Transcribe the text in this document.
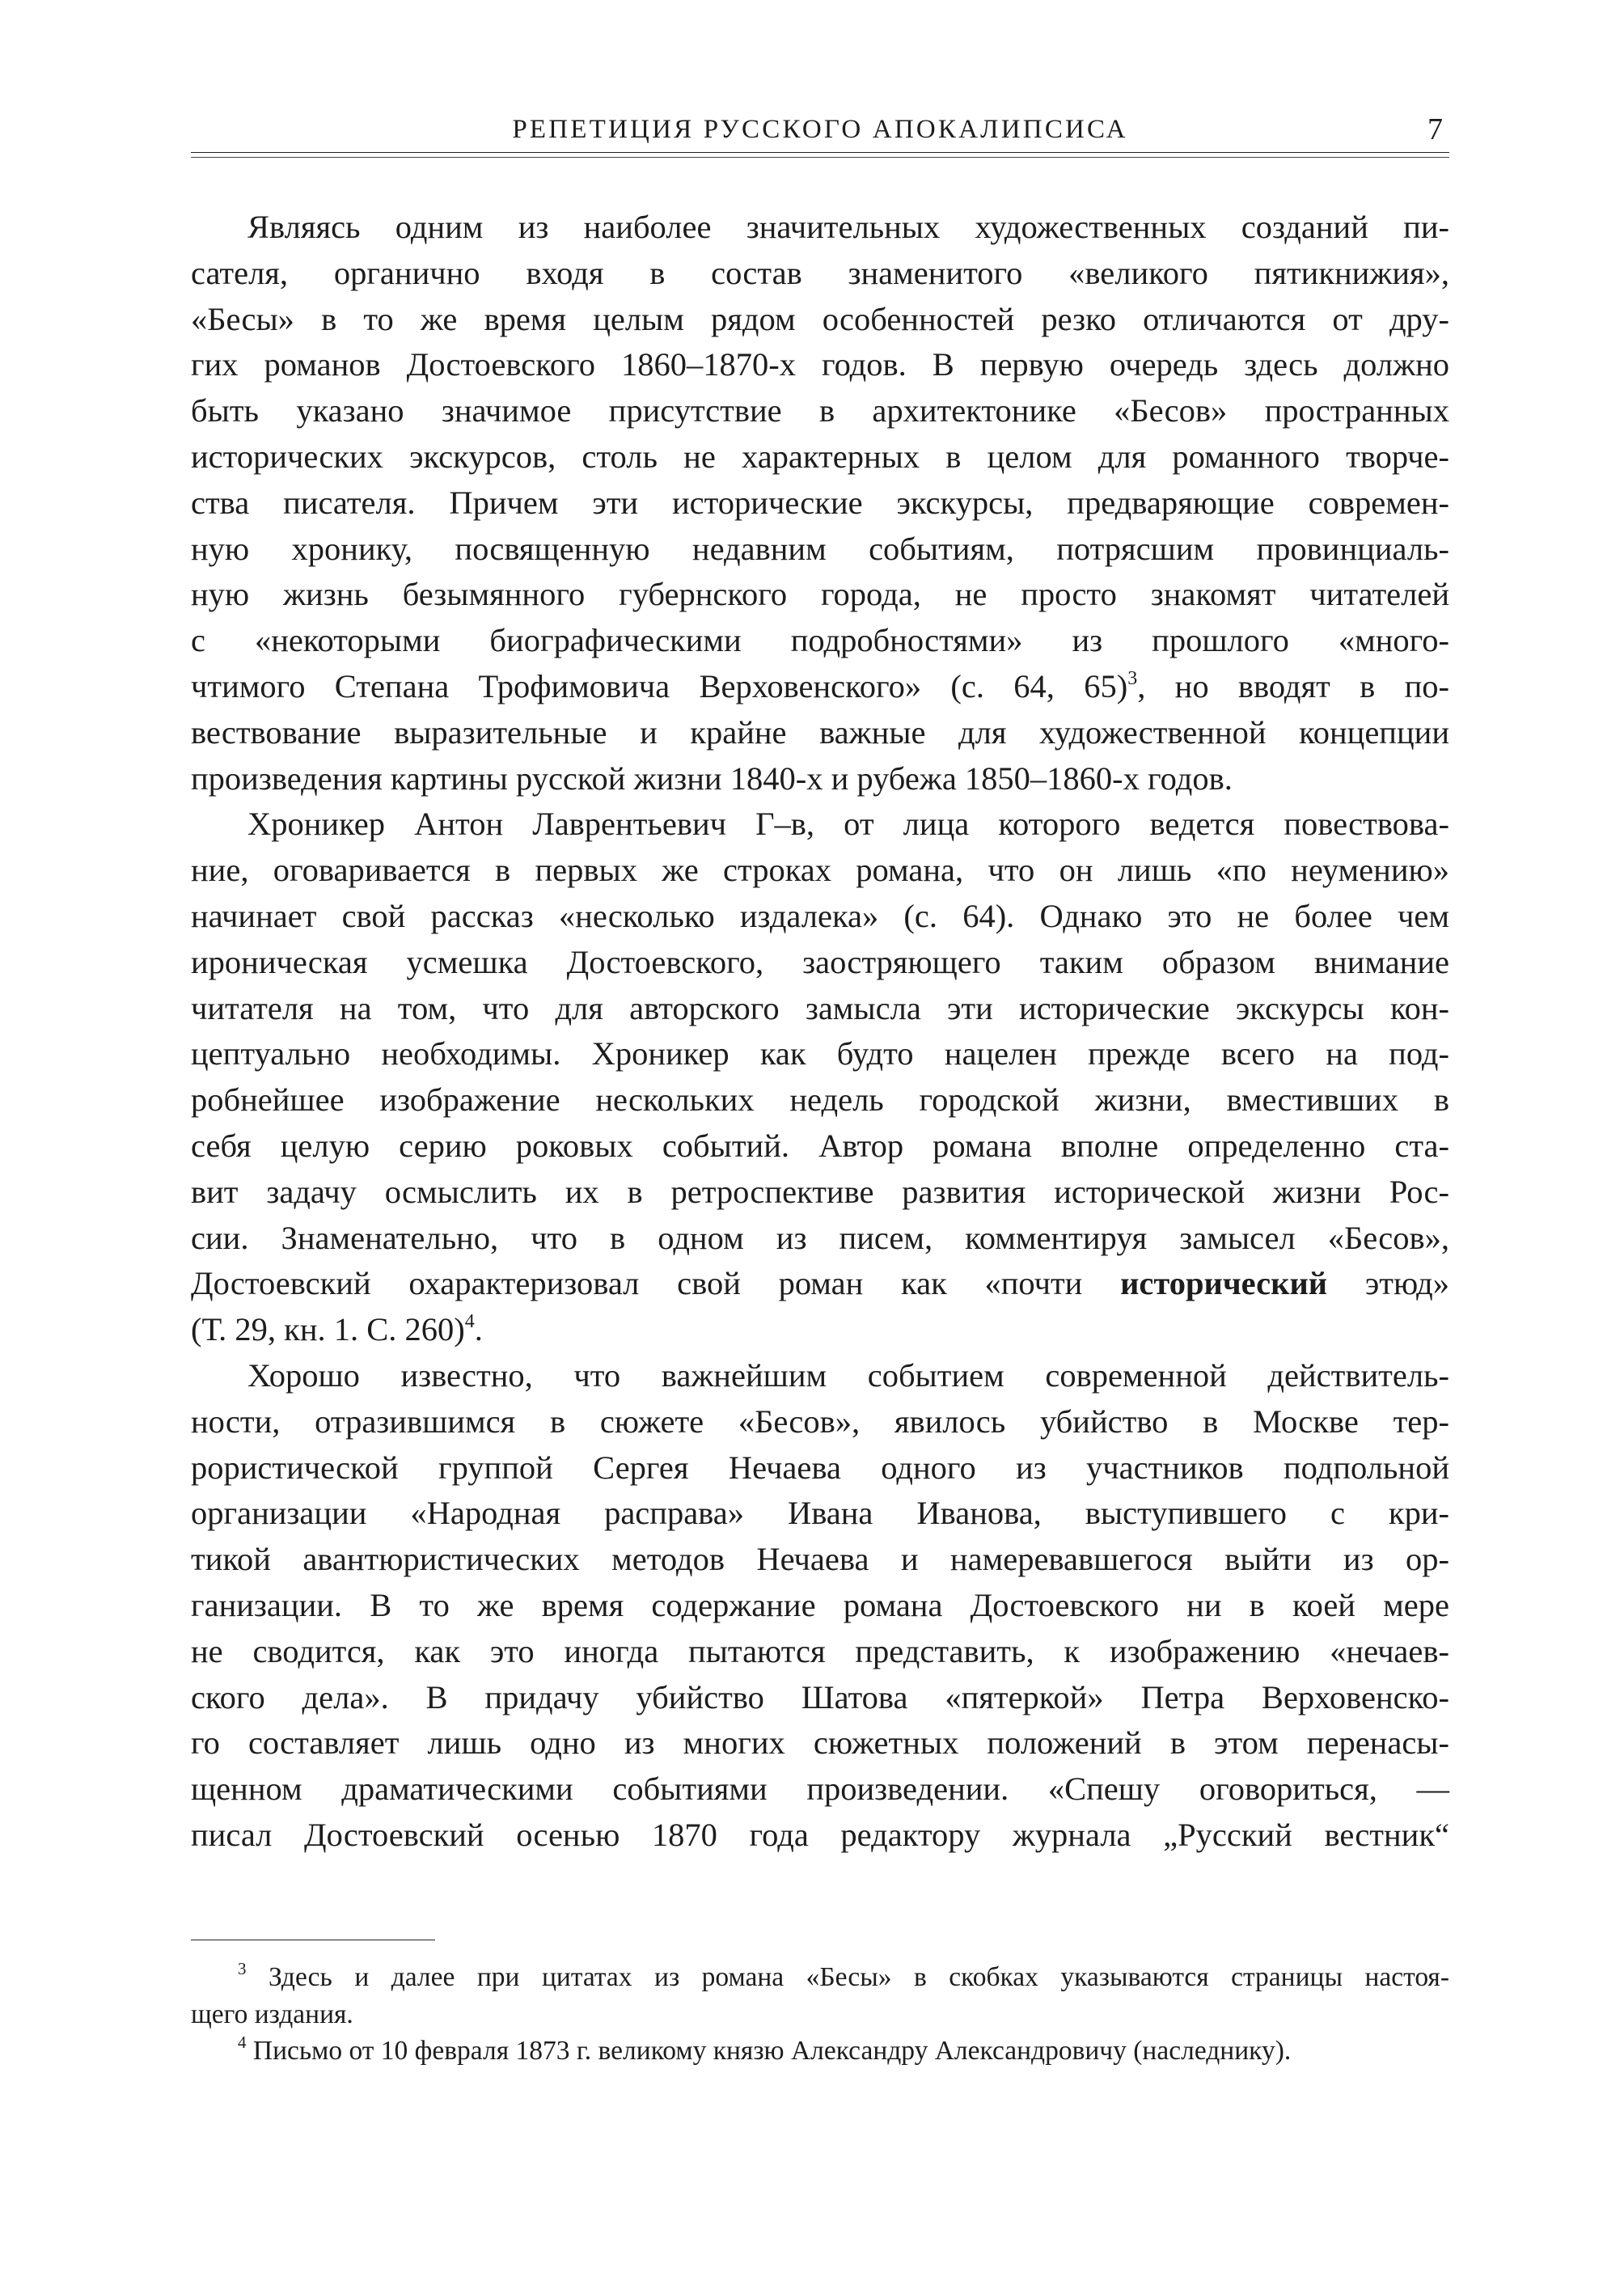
РЕПЕТИЦИЯ РУССКОГО АПОКАЛИПСИСА	7

Являясь одним из наиболее значительных художественных созданий пи-
сателя, органично входя в состав знаменитого «великого пятикнижия»,
«Бесы» в то же время целым рядом особенностей резко отличаются от дру-
гих романов Достоевского 1860–1870-х годов. В первую очередь здесь должно
быть указано значимое присутствие в архитектонике «Бесов» пространных
исторических экскурсов, столь не характерных в целом для романного творче-
ства писателя. Причем эти исторические экскурсы, предваряющие современ-
ную хронику, посвященную недавним событиям, потрясшим провинциаль-
ную жизнь безымянного губернского города, не просто знакомят читателей
с «некоторыми биографическими подробностями» из прошлого «много-
чтимого Степана Трофимовича Верховенского» (с. 64, 65)$^3$, но вводят в по-
вествование выразительные и крайне важные для художественной концепции
произведения картины русской жизни 1840-х и рубежа 1850–1860-х годов.

Хроникер Антон Лаврентьевич Г–в, от лица которого ведется повествова-
ние, оговаривается в первых же строках романа, что он лишь «по неумению»
начинает свой рассказ «несколько издалека» (с. 64). Однако это не более чем
ироническая усмешка Достоевского, заостряющего таким образом внимание
читателя на том, что для авторского замысла эти исторические экскурсы кон-
цептуально необходимы. Хроникер как будто нацелен прежде всего на под-
робнейшее изображение нескольких недель городской жизни, вместивших в
себя целую серию роковых событий. Автор романа вполне определенно ста-
вит задачу осмыслить их в ретроспективе развития исторической жизни Рос-
сии. Знаменательно, что в одном из писем, комментируя замысел «Бесов»,
Достоевский охарактеризовал свой роман как «почти исторический этюд»
(Т. 29, кн. 1. С. 260)$^4$.

Хорошо известно, что важнейшим событием современной действитель-
ности, отразившимся в сюжете «Бесов», явилось убийство в Москве тер-
рористической группой Сергея Нечаева одного из участников подпольной
организации «Народная расправа» Ивана Иванова, выступившего с кри-
тикой авантюристических методов Нечаева и намеревавшегося выйти из ор-
ганизации. В то же время содержание романа Достоевского ни в коей мере
не сводится, как это иногда пытаются представить, к изображению «нечаев-
ского дела». В придачу убийство Шатова «пятеркой» Петра Верховенско-
го составляет лишь одно из многих сюжетных положений в этом перенасы-
щенном драматическими событиями произведении. «Спешу оговориться, —
писал Достоевский осенью 1870 года редактору журнала „Русский вестник“

$^3$ Здесь и далее при цитатах из романа «Бесы» в скобках указываются страницы настоя-
щего издания.

$^4$ Письмо от 10 февраля 1873 г. великому князю Александру Александровичу (наследнику).
